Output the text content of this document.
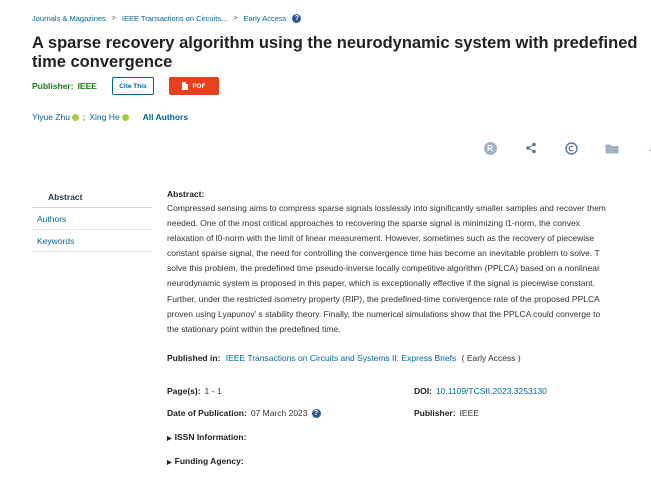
Journals & Magazines > IEEE Transactions on Circuits... > Early Access	?
A sparse recovery algorithm using the neurodynamic system with predefined time convergence
Publisher: IEEE	Cite This	PDF
Yiyue Zhu ; Xing He	All Authors
R
Abstract
Authors
Keywords
Abstract:
Compressed sensing aims to compress sparse signals losslessly into significantly smaller samples and recover them
needed. One of the most critical approaches to recovering the sparse signal is minimizing l1-norm, the convex
relaxation of l0-norm with the limit of linear measurement. However, sometimes such as the recovery of piecewise
constant sparse signal, the need for controlling the convergence time has become an inevitable problem to solve. T
solve this problem, the predefined time pseudo-inverse locally competitive algorithm (PPLCA) based on a nonlinear
neurodynamic system is proposed in this paper, which is exceptionally effective if the signal is piecewise constant.
Further, under the restricted isometry property (RIP), the predefined-time convergence rate of the proposed PPLCA
proven using Lyapunov’ s stability theory. Finally, the numerical simulations show that the PPLCA could converge to
the stationary point within the predefined time.
Published in: IEEE Transactions on Circuits and Systems II: Express Briefs ( Early Access )
Page(s): 1 - 1	DOI: 10.1109/TCSII.2023.3253130
Date of Publication: 07 March 2023 ?	Publisher: IEEE
▶ ISSN Information:
▶ Funding Agency:
